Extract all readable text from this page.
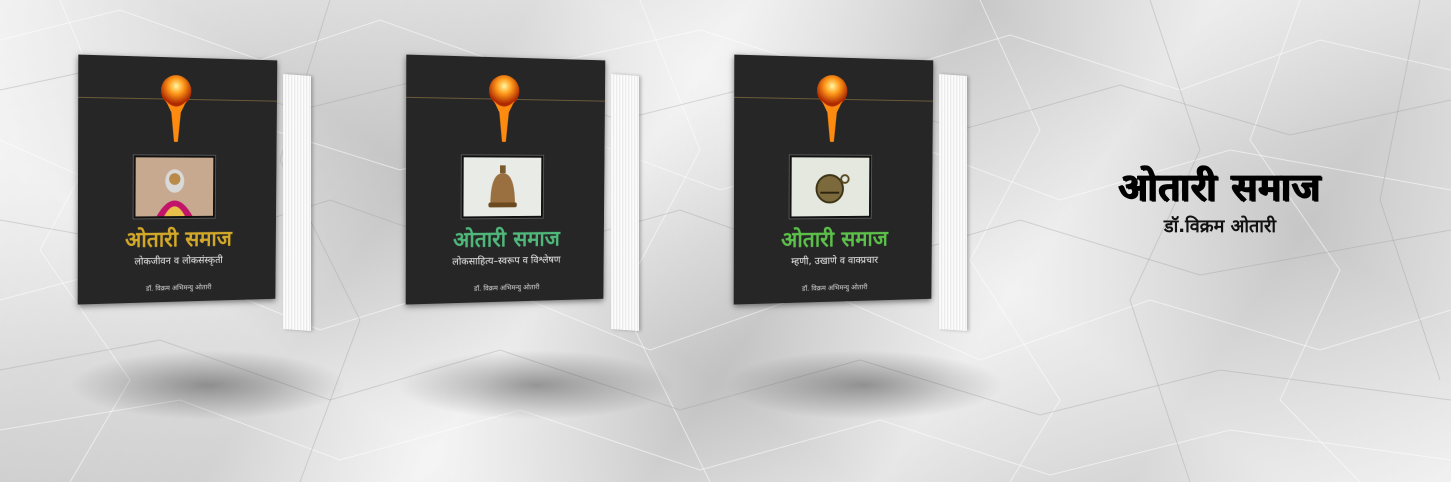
ओतारी समाज
लोकजीवन व लोकसंस्कृती
डॉ. विक्रम अभिमन्यु ओतारी
ओतारी समाज
लोकसाहित्य–स्वरूप व विश्लेषण
डॉ. विक्रम अभिमन्यु ओतारी
ओतारी समाज
म्हणी, उखाणे व वाक्प्रचार
डॉ. विक्रम अभिमन्यु ओतारी
ओतारी समाज
डॉ.विक्रम ओतारी
